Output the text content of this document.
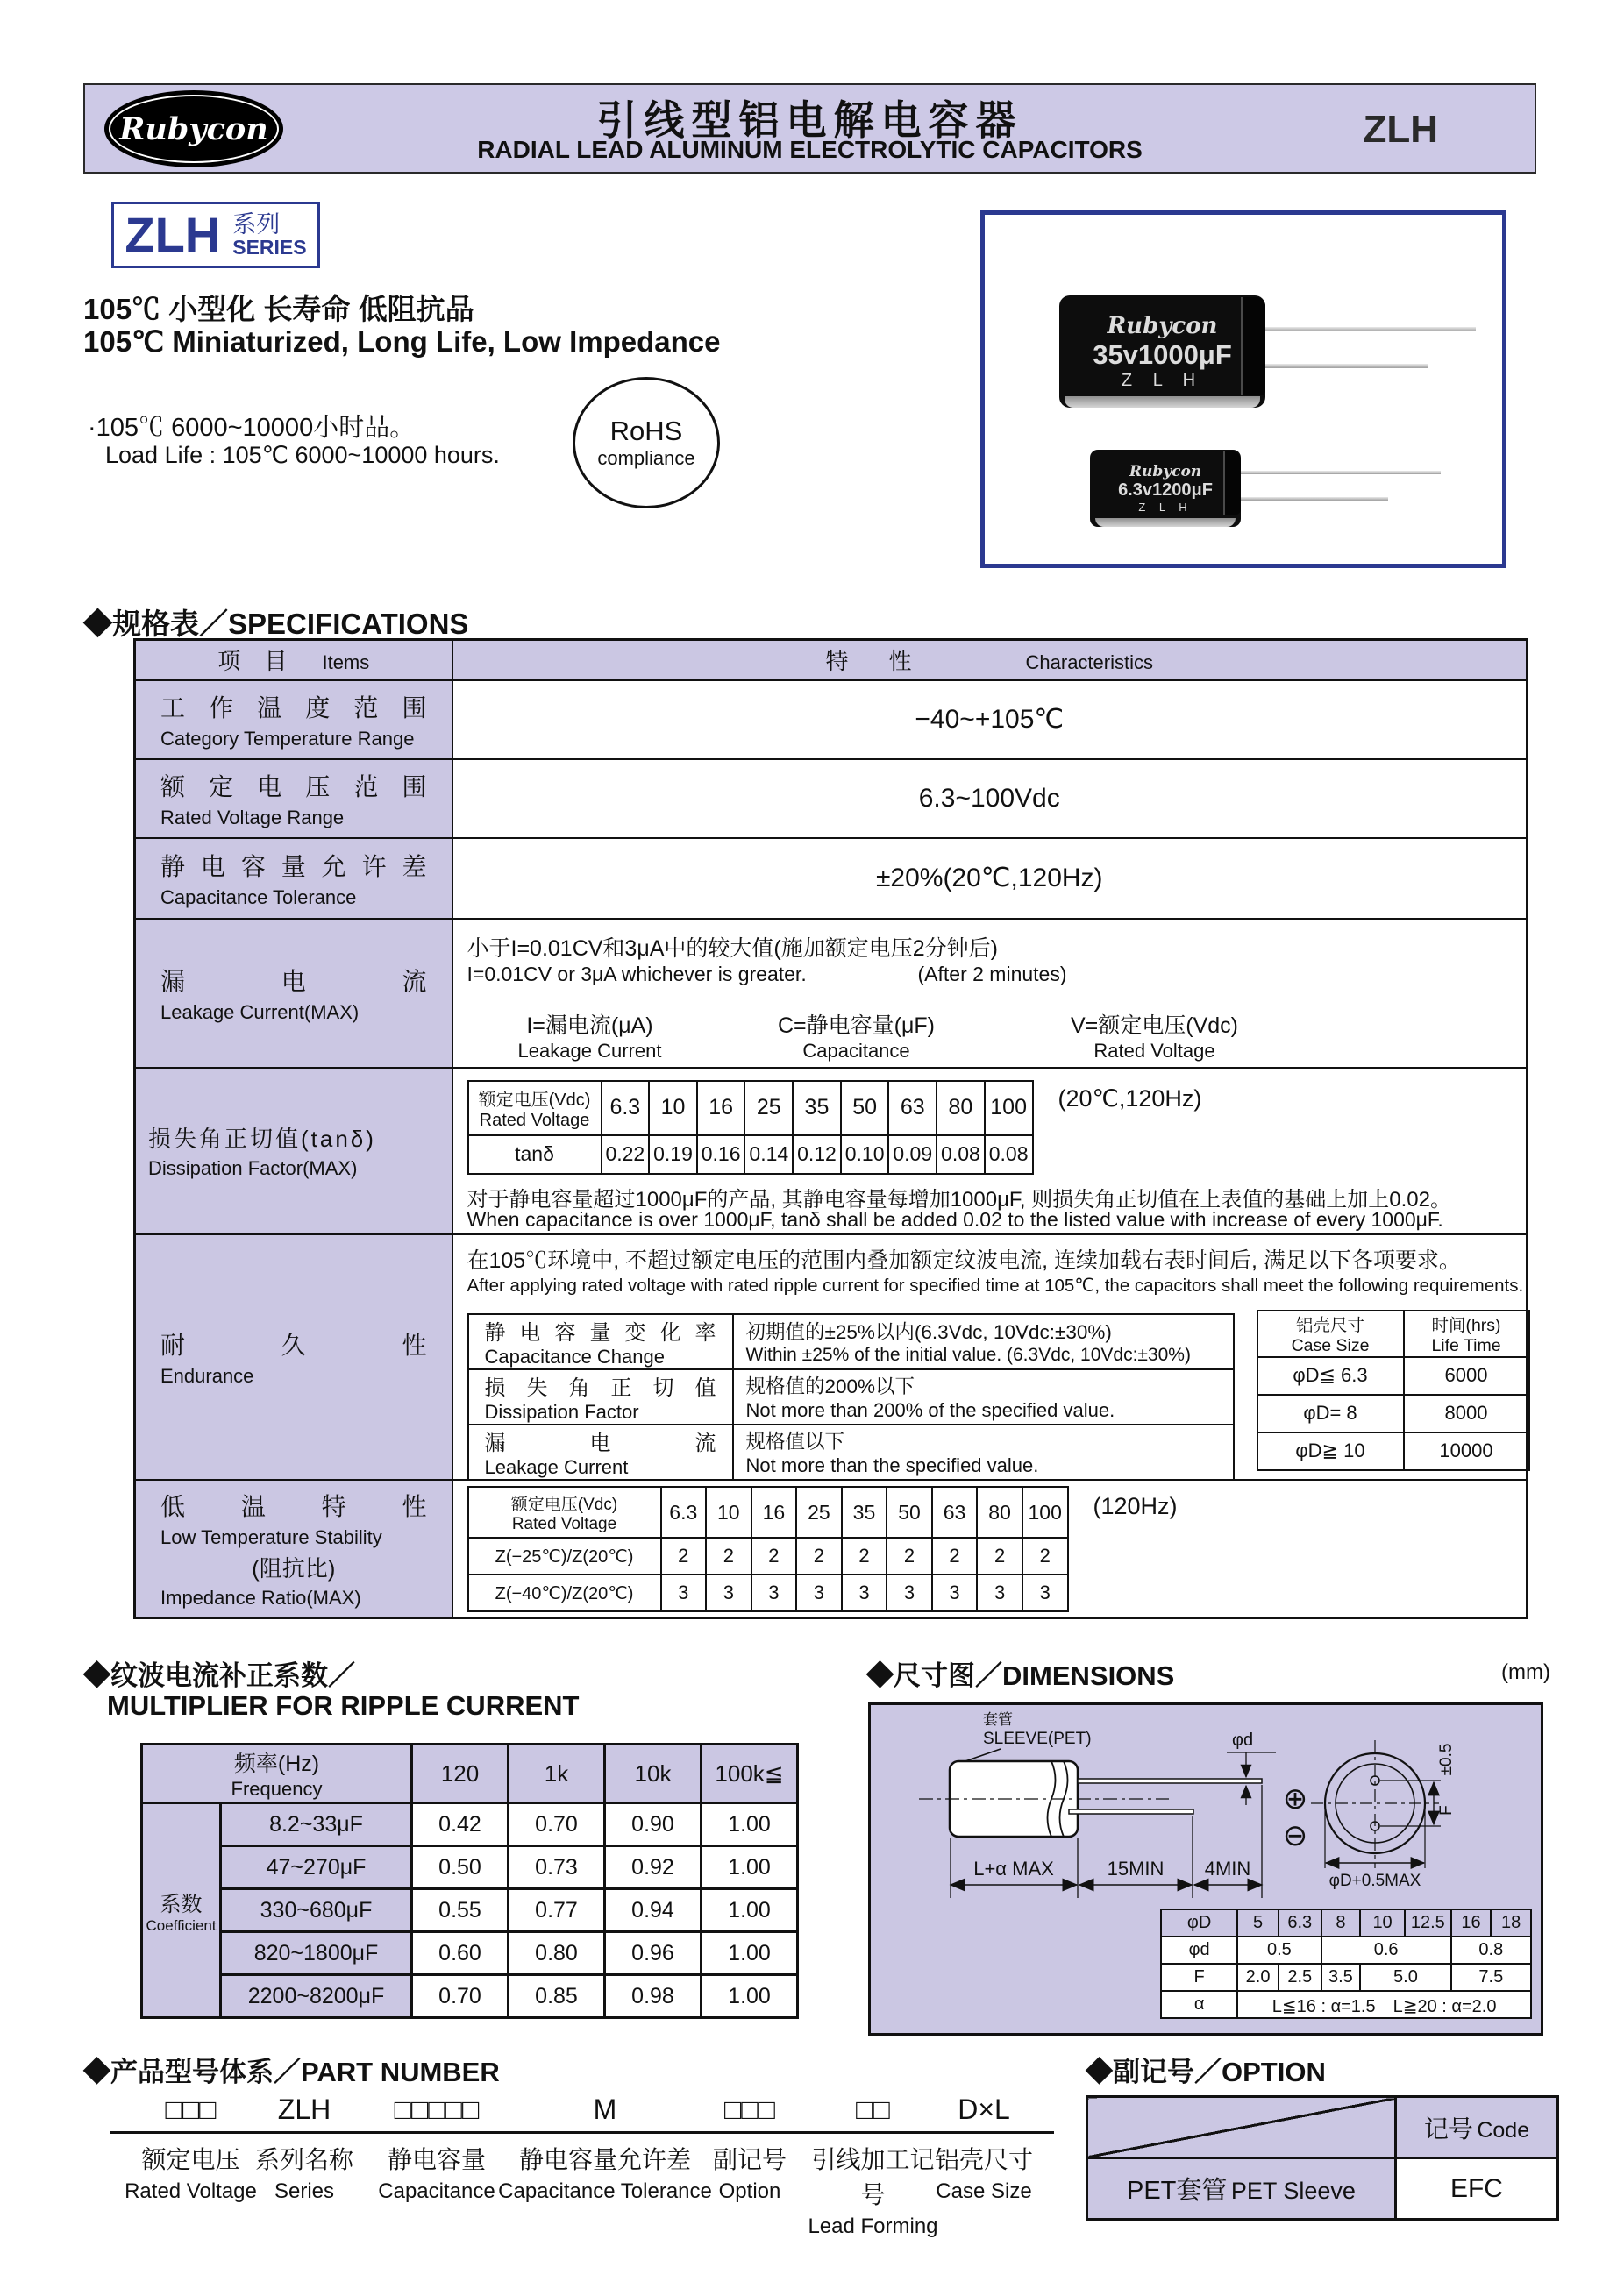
Rubycon	引线型铝电解电容器
RADIAL LEAD ALUMINUM ELECTROLYTIC CAPACITORS	ZLH
ZLH 系列
SERIES
105℃ 小型化 长寿命 低阻抗品
105℃ Miniaturized, Long Life, Low Impedance
·105℃ 6000~10000小时品。
Load Life : 105℃ 6000~10000 hours.
RoHS
compliance
Rubycon
35v1000μF
Z L H
Rubycon
6.3v1200μF
Z L H
◆规格表／SPECIFICATIONS
项 目 Items	特　性	Characteristics

工 作 温 度 范 围
Category Temperature Range
	−40~+105℃

额 定 电 压 范 围
Rated Voltage Range
	6.3~100Vdc

静 电 容 量 允 许 差
Capacitance Tolerance
	±20%(20℃,120Hz)

漏 电 流
Leakage Current(MAX)

小于I=0.01CV和3μA中的较大值(施加额定电压2分钟后)
I=0.01CV or 3μA whichever is greater.	(After 2 minutes)
I=漏电流(μA)
Leakage Current
C=静电容量(μF)
Capacitance
V=额定电压(Vdc)
Rated Voltage

损失角正切值(tanδ)
Dissipation Factor(MAX)

额定电压(Vdc)
Rated Voltage
	6.3	10	16	25	35	50	63	80	100
tanδ	0.22	0.19	0.16	0.14	0.12	0.10	0.09	0.08	0.08
(20℃,120Hz)
对于静电容量超过1000μF的产品, 其静电容量每增加1000μF, 则损失角正切值在上表值的基础上加上0.02。
When capacitance is over 1000μF, tanδ shall be added 0.02 to the listed value with increase of every 1000μF.

耐 久 性
Endurance

在105℃环境中, 不超过额定电压的范围内叠加额定纹波电流, 连续加载右表时间后, 满足以下各项要求。
After applying rated voltage with rated ripple current for specified time at 105℃, the capacitors shall meet the following requirements.
静 电 容 量 变 化 率
Capacitance Change

初期值的±25%以内(6.3Vdc, 10Vdc:±30%)
Within ±25% of the initial value. (6.3Vdc, 10Vdc:±30%)

损 失 角 正 切 值
Dissipation Factor

规格值的200%以下
Not more than 200% of the specified value.

漏 电 流
Leakage Current

规格值以下
Not more than the specified value.
铝壳尺寸
Case Size

时间(hrs)
Life Time

φD≦ 6.3	6000
φD= 8	8000
φD≧ 10	10000

低 温 特 性
Low Temperature Stability
(阻抗比)
Impedance Ratio(MAX)

额定电压(Vdc)
Rated Voltage
	6.3	10	16	25	35	50	63	80	100
Z(−25℃)/Z(20℃)	2	2	2	2	2	2	2	2	2
Z(−40℃)/Z(20℃)	3	3	3	3	3	3	3	3	3
(120Hz)
◆纹波电流补正系数／
MULTIPLIER FOR RIPPLE CURRENT
频率(Hz)
Frequency		120	1k	10k	100k≦

系数
Coefficient	8.2~33μF	0.42	0.70	0.90	1.00
	47~270μF	0.50	0.73	0.92	1.00
	330~680μF	0.55	0.77	0.94	1.00
	820~1800μF	0.60	0.80	0.96	1.00
	2200~8200μF	0.70	0.85	0.98	1.00
◆尺寸图／DIMENSIONS	(mm)
套管
SLEEVE(PET)	φd
L+α MAX	15MIN 4MIN
⊕
⊖
F
±0.5
φD+0.5MAX
φD	5	6.3	8	10	12.5	16	18
φd	0.5		0.6			0.8	
F	2.0	2.5	3.5	5.0		7.5	
α	L≦16 : α=1.5　L≧20 : α=2.0						
◆产品型号体系／PART NUMBER
□□□
额定电压
Rated Voltage
ZLH
系列名称
Series
□□□□□
静电容量
Capacitance
M
静电容量允许差
Capacitance Tolerance
□□□
副记号
Option
□□
引线加工记号
Lead Forming
D×L
铝壳尺寸
Case Size
◆副记号／OPTION
	记号 Code
PET套管 PET Sleeve	EFC
